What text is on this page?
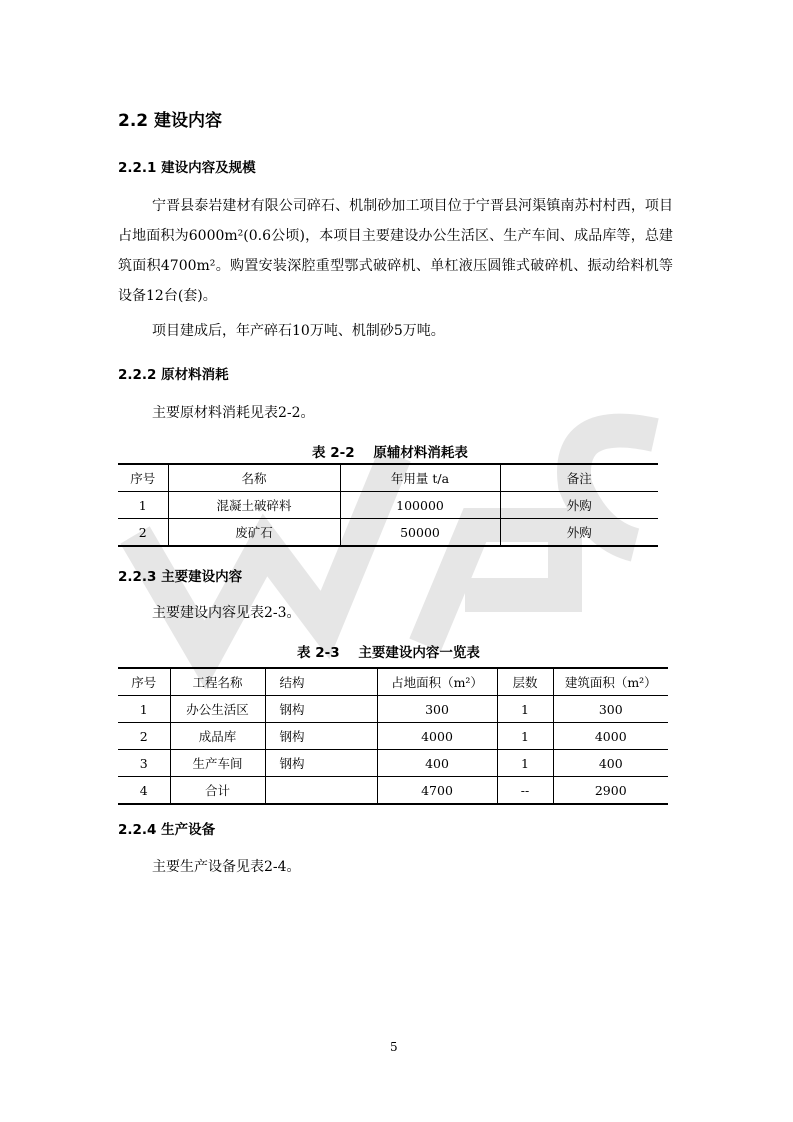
2.2 建设内容
2.2.1 建设内容及规模
宁晋县泰岩建材有限公司碎石、机制砂加工项目位于宁晋县河渠镇南苏村村西，项目占地面积为6000m²(0.6公顷)，本项目主要建设办公生活区、生产车间、成品库等，总建筑面积4700m²。购置安装深腔重型鄂式破碎机、单杠液压圆锥式破碎机、振动给料机等设备12台(套)。
项目建成后，年产碎石10万吨、机制砂5万吨。
2.2.2 原材料消耗
主要原材料消耗见表2-2。
表 2-2    原辅材料消耗表
序号	名称	年用量 t/a	备注
1	混凝土破碎料	100000	外购
2	废矿石	50000	外购
2.2.3 主要建设内容
主要建设内容见表2-3。
表 2-3    主要建设内容一览表
序号	工程名称	结构	占地面积（m²）	层数	建筑面积（m²）
1	办公生活区	钢构	300	1	300
2	成品库	钢构	4000	1	4000
3	生产车间	钢构	400	1	400
4	合计		4700	--	2900
2.2.4 生产设备
主要生产设备见表2-4。
5
